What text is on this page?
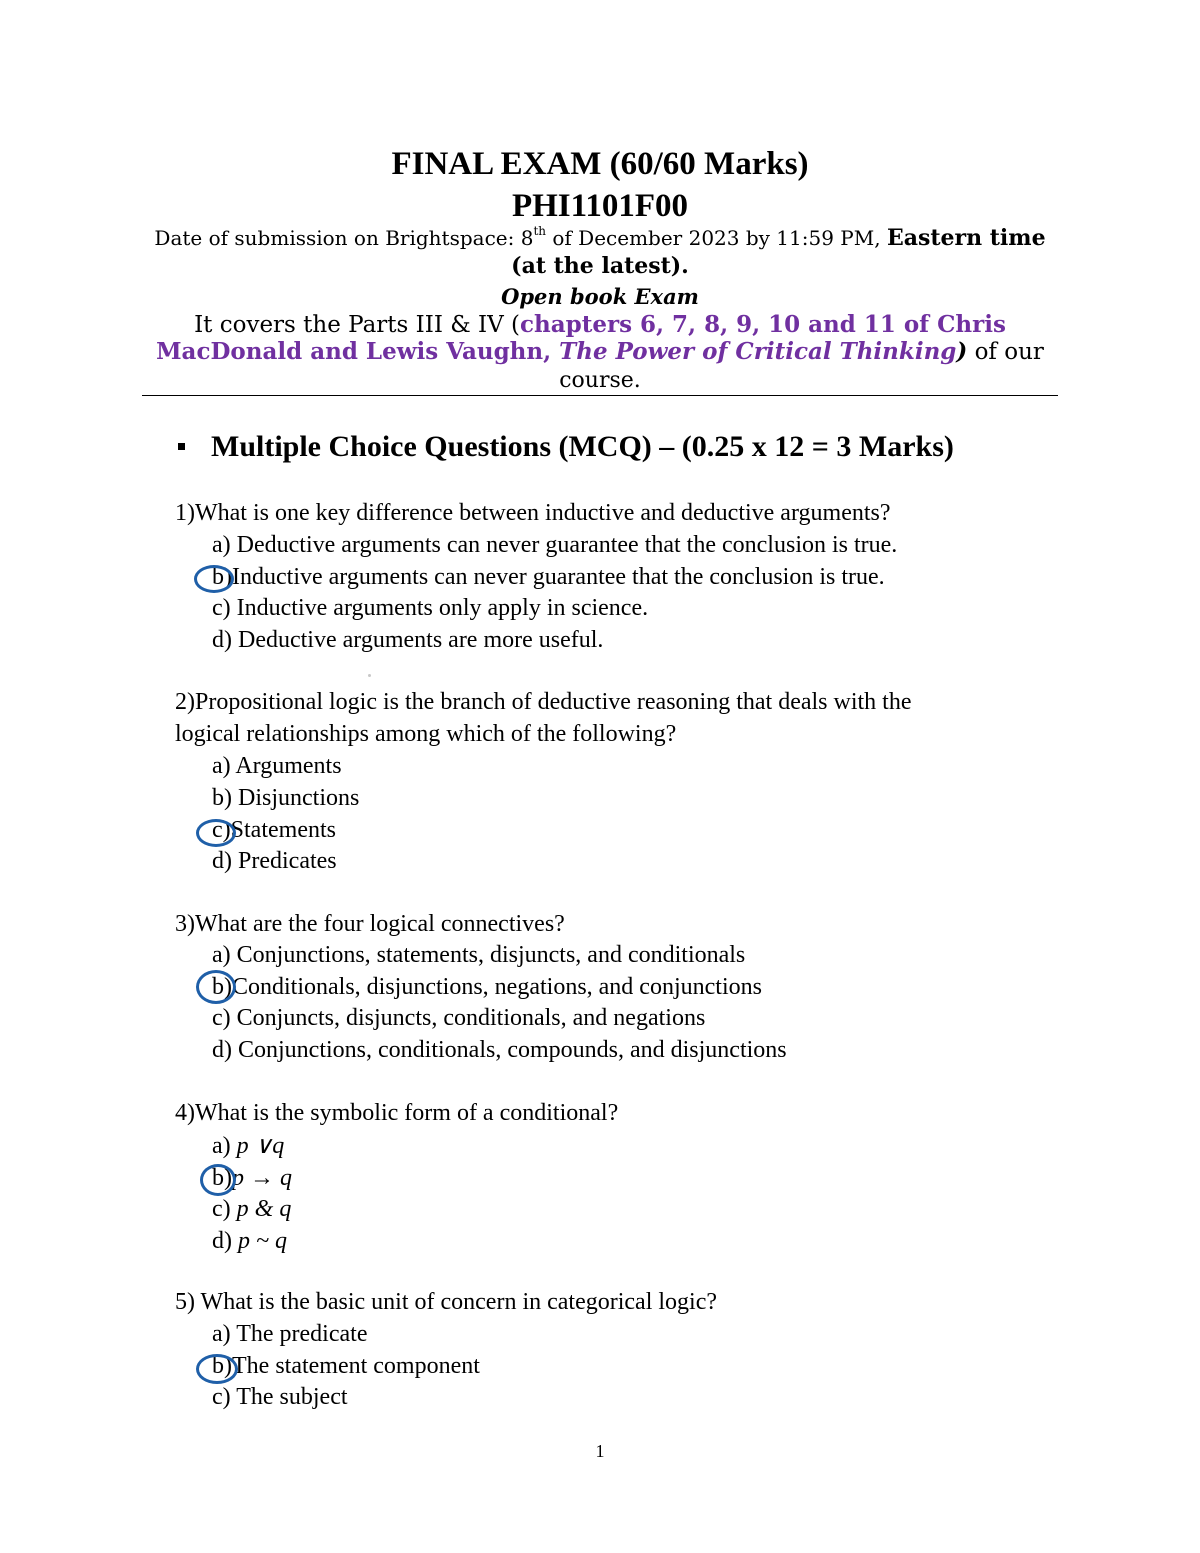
FINAL EXAM (60/60 Marks)
PHI1101F00
Date of submission on Brightspace: 8th of December 2023 by 11:59 PM, Eastern time
(at the latest).
Open book Exam
It covers the Parts III & IV (chapters 6, 7, 8, 9, 10 and 11 of Chris
MacDonald and Lewis Vaughn, The Power of Critical Thinking) of our
course.
Multiple Choice Questions (MCQ) – (0.25 x 12 = 3 Marks)
1)What is one key difference between inductive and deductive arguments?
a) Deductive arguments can never guarantee that the conclusion is true.
b)Inductive arguments can never guarantee that the conclusion is true.
c) Inductive arguments only apply in science.
d) Deductive arguments are more useful.
2)Propositional logic is the branch of deductive reasoning that deals with the
logical relationships among which of the following?
a) Arguments
b) Disjunctions
c)Statements
d) Predicates
3)What are the four logical connectives?
a) Conjunctions, statements, disjuncts, and conditionals
b)Conditionals, disjunctions, negations, and conjunctions
c) Conjuncts, disjuncts, conditionals, and negations
d) Conjunctions, conditionals, compounds, and disjunctions
4)What is the symbolic form of a conditional?
a) p ∨q
b)p → q
c) p & q
d) p ~ q
5) What is the basic unit of concern in categorical logic?
a) The predicate
b)The statement component
c) The subject
1
